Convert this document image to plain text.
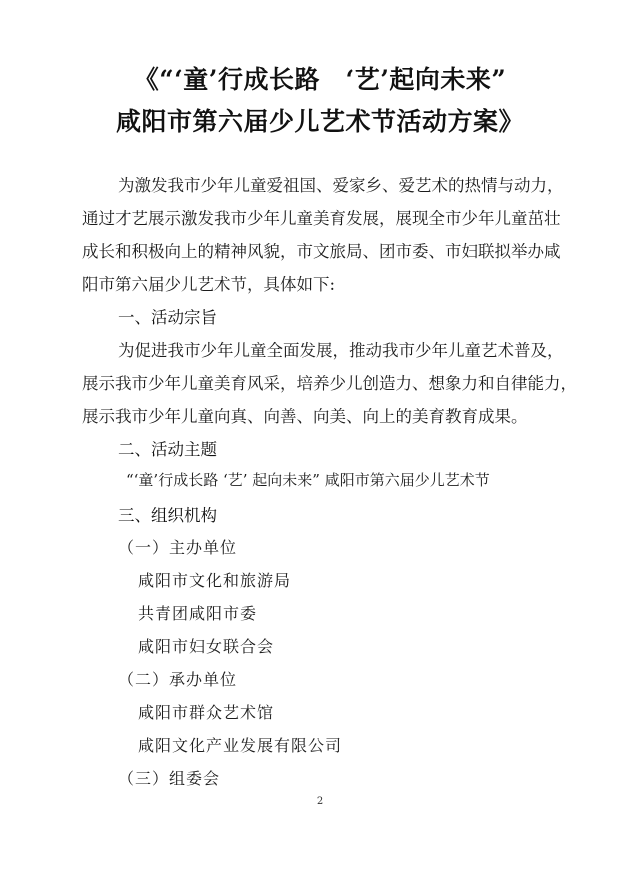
《“‘童’行成长路　‘艺’起向未来”
咸阳市第六届少儿艺术节活动方案》
为激发我市少年儿童爱祖国、爱家乡、爱艺术的热情与动力，
通过才艺展示激发我市少年儿童美育发展，展现全市少年儿童茁壮
成长和积极向上的精神风貌，市文旅局、团市委、市妇联拟举办咸
阳市第六届少儿艺术节，具体如下:
一、活动宗旨
为促进我市少年儿童全面发展，推动我市少年儿童艺术普及，
展示我市少年儿童美育风采，培养少儿创造力、想象力和自律能力，
展示我市少年儿童向真、向善、向美、向上的美育教育成果。
二、活动主题
“‘童’行成长路 ‘艺’ 起向未来” 咸阳市第六届少儿艺术节
三、组织机构
（一）主办单位
咸阳市文化和旅游局
共青团咸阳市委
咸阳市妇女联合会
（二）承办单位
咸阳市群众艺术馆
咸阳文化产业发展有限公司
（三）组委会
2
